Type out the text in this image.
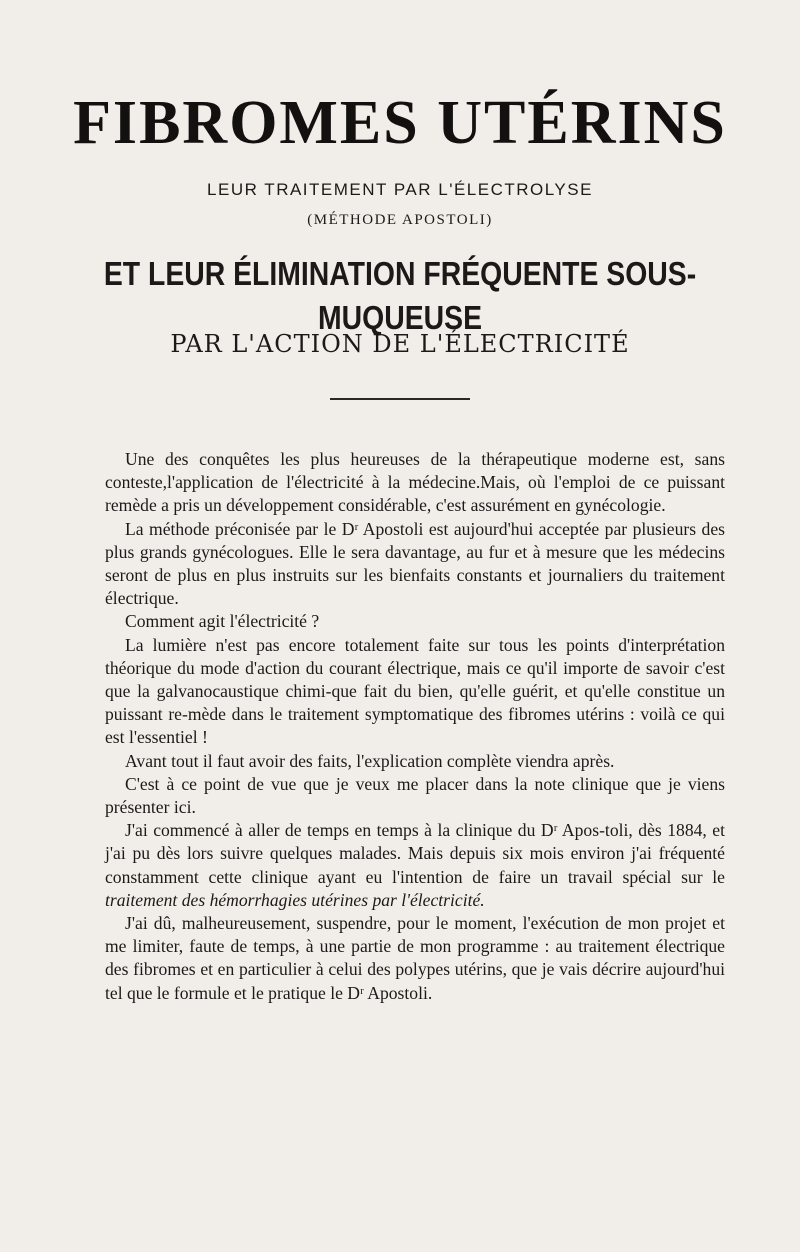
FIBROMES UTÉRINS
LEUR TRAITEMENT PAR L'ÉLECTROLYSE
(MÉTHODE APOSTOLI)
ET LEUR ÉLIMINATION FRÉQUENTE SOUS-MUQUEUSE
PAR L'ACTION DE L'ÉLECTRICITÉ

Une des conquêtes les plus heureuses de la thérapeutique moderne est, sans conteste,l'application de l'électricité à la médecine.Mais, où l'emploi de ce puissant remède a pris un développement considérable, c'est assurément en gynécologie.

La méthode préconisée par le Dʳ Apostoli est aujourd'hui acceptée par plusieurs des plus grands gynécologues. Elle le sera davantage, au fur et à mesure que les médecins seront de plus en plus instruits sur les bienfaits constants et journaliers du traitement électrique.

Comment agit l'électricité ?

La lumière n'est pas encore totalement faite sur tous les points d'interprétation théorique du mode d'action du courant électrique, mais ce qu'il importe de savoir c'est que la galvanocaustique chimi-que fait du bien, qu'elle guérit, et qu'elle constitue un puissant re-mède dans le traitement symptomatique des fibromes utérins : voilà ce qui est l'essentiel !

Avant tout il faut avoir des faits, l'explication complète viendra après.

C'est à ce point de vue que je veux me placer dans la note clinique que je viens présenter ici.

J'ai commencé à aller de temps en temps à la clinique du Dʳ Apos-toli, dès 1884, et j'ai pu dès lors suivre quelques malades. Mais depuis six mois environ j'ai fréquenté constamment cette clinique ayant eu l'intention de faire un travail spécial sur le traitement des hémorrhagies utérines par l'électricité.

J'ai dû, malheureusement, suspendre, pour le moment, l'exécution de mon projet et me limiter, faute de temps, à une partie de mon programme : au traitement électrique des fibromes et en particulier à celui des polypes utérins, que je vais décrire aujourd'hui tel que le formule et le pratique le Dʳ Apostoli.
